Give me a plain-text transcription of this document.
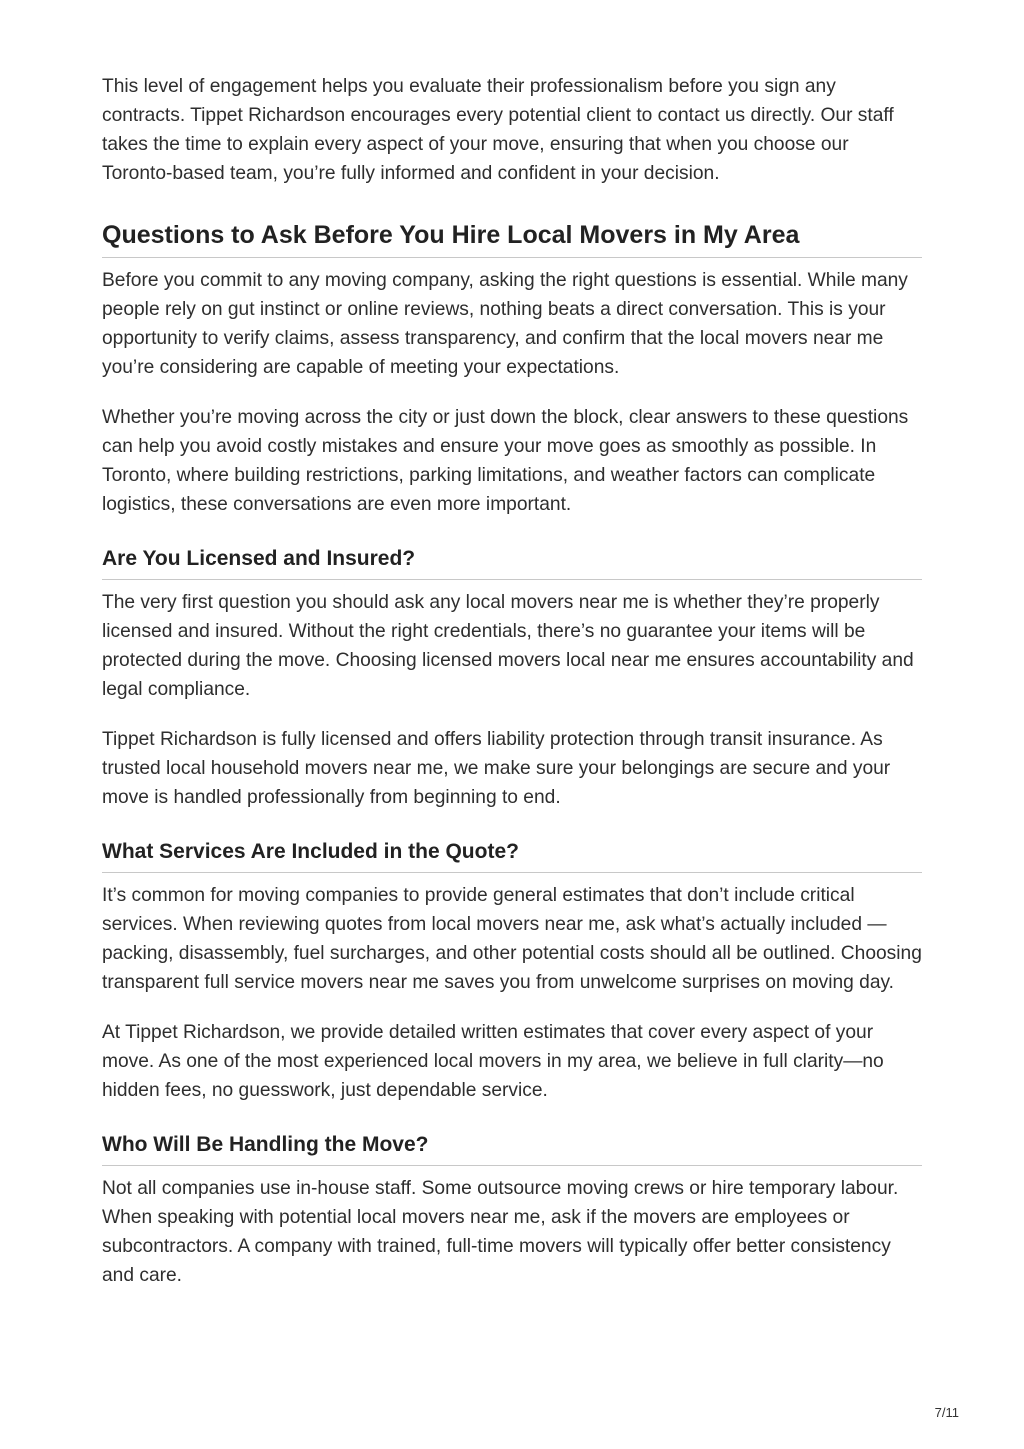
This level of engagement helps you evaluate their professionalism before you sign any contracts. Tippet Richardson encourages every potential client to contact us directly. Our staff takes the time to explain every aspect of your move, ensuring that when you choose our Toronto-based team, you’re fully informed and confident in your decision.

Questions to Ask Before You Hire Local Movers in My Area

Before you commit to any moving company, asking the right questions is essential. While many people rely on gut instinct or online reviews, nothing beats a direct conversation. This is your opportunity to verify claims, assess transparency, and confirm that the local movers near me you’re considering are capable of meeting your expectations.

Whether you’re moving across the city or just down the block, clear answers to these questions can help you avoid costly mistakes and ensure your move goes as smoothly as possible. In Toronto, where building restrictions, parking limitations, and weather factors can complicate logistics, these conversations are even more important.

Are You Licensed and Insured?

The very first question you should ask any local movers near me is whether they’re properly licensed and insured. Without the right credentials, there’s no guarantee your items will be protected during the move. Choosing licensed movers local near me ensures accountability and legal compliance.

Tippet Richardson is fully licensed and offers liability protection through transit insurance. As trusted local household movers near me, we make sure your belongings are secure and your move is handled professionally from beginning to end.

What Services Are Included in the Quote?

It’s common for moving companies to provide general estimates that don’t include critical services. When reviewing quotes from local movers near me, ask what’s actually included —packing, disassembly, fuel surcharges, and other potential costs should all be outlined. Choosing transparent full service movers near me saves you from unwelcome surprises on moving day.

At Tippet Richardson, we provide detailed written estimates that cover every aspect of your move. As one of the most experienced local movers in my area, we believe in full clarity—no hidden fees, no guesswork, just dependable service.

Who Will Be Handling the Move?

Not all companies use in-house staff. Some outsource moving crews or hire temporary labour. When speaking with potential local movers near me, ask if the movers are employees or subcontractors. A company with trained, full-time movers will typically offer better consistency and care.

7/11
